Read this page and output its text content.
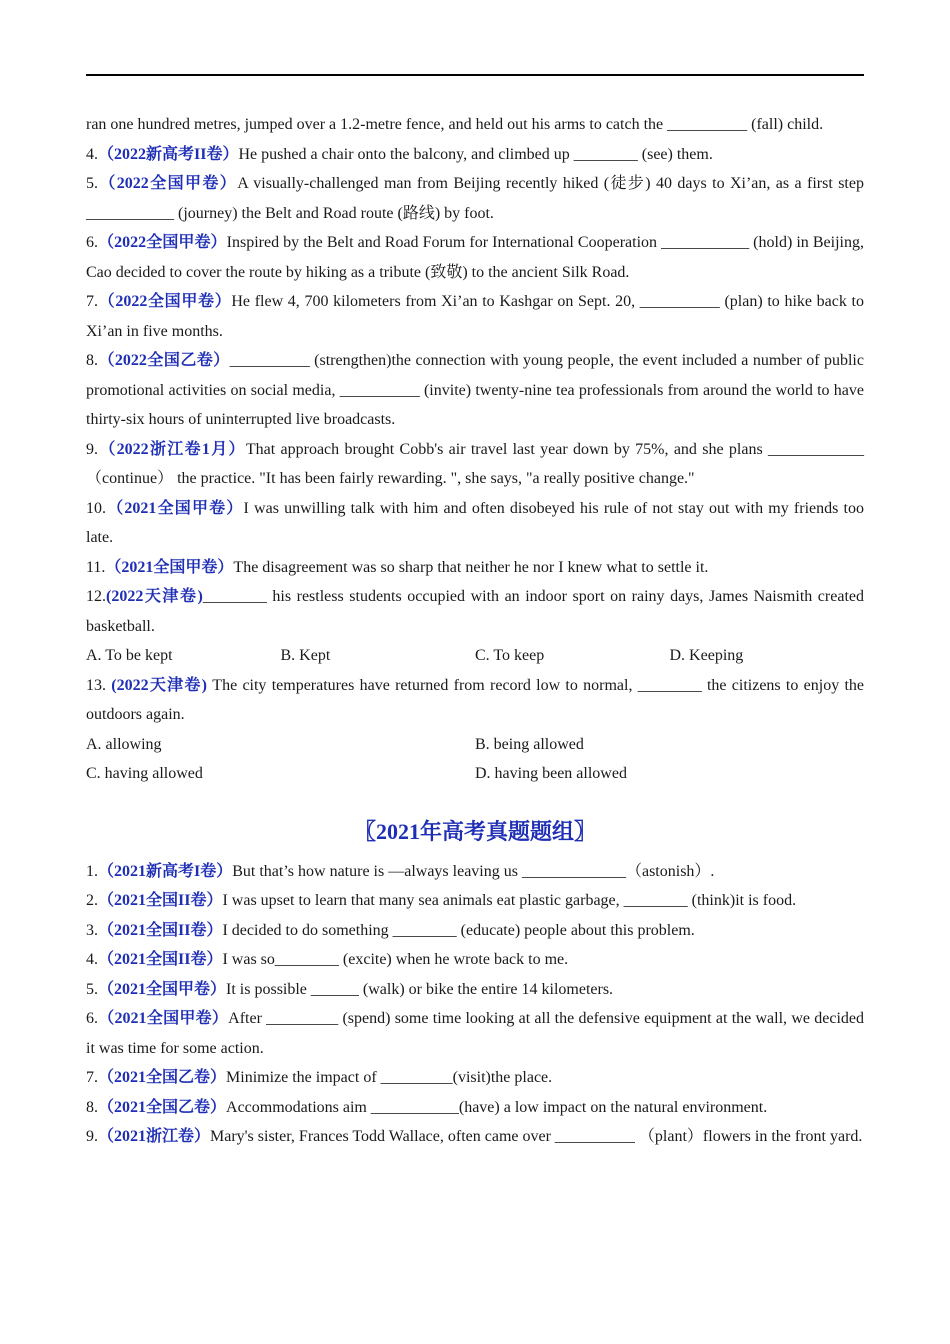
ran one hundred metres, jumped over a 1.2-metre fence, and held out his arms to catch the __________ (fall) child.

4.（2022新高考II卷）He pushed a chair onto the balcony, and climbed up ________ (see) them.

5.（2022全国甲卷）A visually-challenged man from Beijing recently hiked (徒步) 40 days to Xi’an, as a first step ___________ (journey) the Belt and Road route (路线) by foot.

6.（2022全国甲卷）Inspired by the Belt and Road Forum for International Cooperation ___________ (hold) in Beijing, Cao decided to cover the route by hiking as a tribute (致敬) to the ancient Silk Road.

7.（2022全国甲卷）He flew 4, 700 kilometers from Xi’an to Kashgar on Sept. 20, __________ (plan) to hike back to Xi’an in five months.

8.（2022全国乙卷）__________ (strengthen)the connection with young people, the event included a number of public promotional activities on social media, __________ (invite) twenty-nine tea professionals from around the world to have thirty-six hours of uninterrupted live broadcasts.

9.（2022浙江卷1月）That approach brought Cobb's air travel last year down by 75%, and she plans ____________（continue） the practice. "It has been fairly rewarding. ", she says, "a really positive change."

10.（2021全国甲卷）I was unwilling talk with him and often disobeyed his rule of not stay out with my friends too late.

11.（2021全国甲卷）The disagreement was so sharp that neither he nor I knew what to settle it.

12.(2022天津卷)________ his restless students occupied with an indoor sport on rainy days, James Naismith created basketball.

A. To be kept	B. Kept	C. To keep	D. Keeping

13. (2022天津卷) The city temperatures have returned from record low to normal, ________ the citizens to enjoy the outdoors again.

A. allowing	B. being allowed
C. having allowed	D. having been allowed
〖2021年高考真题题组〗

1.（2021新高考I卷）But that’s how nature is —always leaving us _____________（astonish）.

2.（2021全国II卷）I was upset to learn that many sea animals eat plastic garbage, ________ (think)it is food.

3.（2021全国II卷）I decided to do something ________ (educate) people about this problem.

4.（2021全国II卷）I was so________ (excite) when he wrote back to me.

5.（2021全国甲卷）It is possible ______ (walk) or bike the entire 14 kilometers.

6.（2021全国甲卷）After _________ (spend) some time looking at all the defensive equipment at the wall, we decided it was time for some action.

7.（2021全国乙卷）Minimize the impact of _________(visit)the place.

8.（2021全国乙卷）Accommodations aim ___________(have) a low impact on the natural environment.

9.（2021浙江卷）Mary's sister, Frances Todd Wallace, often came over __________ （plant）flowers in the front yard.
